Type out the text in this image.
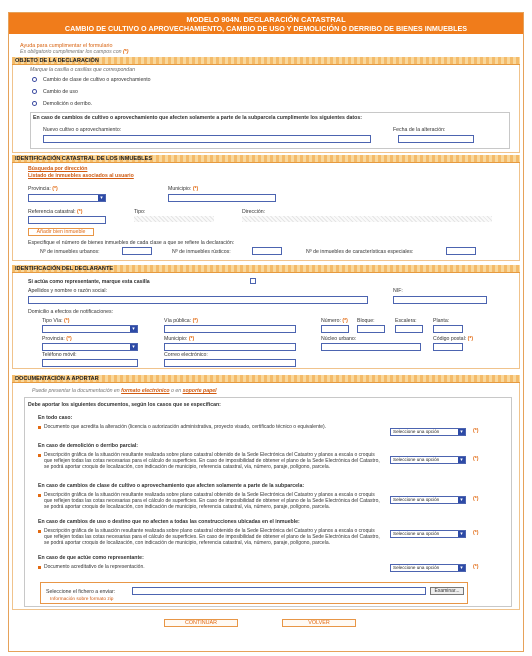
MODELO 904N. DECLARACIÓN CATASTRAL
CAMBIO DE CULTIVO O APROVECHAMIENTO, CAMBIO DE USO Y DEMOLICIÓN O DERRIBO DE BIENES INMUEBLES
Ayuda para cumplimentar el formulario
Es obligatorio cumplimentar los campos con (*)
OBJETO DE LA DECLARACIÓN
Marque la casilla o casillas que correspondan
Cambio de clase de cultivo o aprovechamiento
Cambio de uso
Demolición o derribo.
En caso de cambios de cultivo o aprovechamiento que afecten solamente a parte de la subparcela cumplimente los siguientes datos:
Nuevo cultivo o aprovechamiento:	Fecha de la alteración:
IDENTIFICACIÓN CATASTRAL DE LOS INMUEBLES
Búsqueda por dirección
Listado de inmuebles asociados al usuario
Provincia: (*)
▾
Municipio: (*)
Referencia catastral: (*)	Tipo:	Dirección:
Añadir bien inmueble
Especifique el número de bienes inmuebles de cada clase a que se refiere la declaración:
Nº de inmuebles urbanos:	Nº de inmuebles rústicos:	Nº de inmuebles de características especiales:
IDENTIFICACIÓN DEL DECLARANTE
Si actúa como representante, marque esta casilla
Apellidos y nombre o razón social:	NIF:
Domicilio a efectos de notificaciones:
Tipo Vía: (*)
▾
Vía pública: (*)	Número: (*) Bloque:	Escalera:	Planta:
Provincia: (*)
▾
Municipio: (*)	Núcleo urbano:	Código postal: (*)
Teléfono móvil:	Correo electrónico:
DOCUMENTACIÓN A APORTAR
Puede presentar la documentación en formato electrónico o en soporte papel
Debe aportar los siguientes documentos, según los casos que se especifican:
En todo caso:
Documento que acredita la alteración (licencia o autorización administrativa, proyecto visado, certificado técnico o equivalente).
Seleccione una opción	▾	(*)
En caso de demolición o derribo parcial:
Descripción gráfica de la situación resultante realizada sobre plano catastral obtenido de la Sede Electrónica del Catastro y planos a escala o croquis que reflejen todas las cotas necesarias para el cálculo de superficies. En caso de imposibilidad de obtener el plano de la Sede Electrónica del Catastro, se podrá aportar croquis de localización, con indicación de municipio, referencia catastral, vía, número, paraje, polígono, parcela.
Seleccione una opción	▾	(*)
En caso de cambios de clase de cultivo o aprovechamiento que afecten solamente a parte de la subparcela:
Descripción gráfica de la situación resultante realizada sobre plano catastral obtenido de la Sede Electrónica del Catastro y planos a escala o croquis que reflejen todas las cotas necesarias para el cálculo de superficies. En caso de imposibilidad de obtener el plano de la Sede Electrónica del Catastro, se podrá aportar croquis de localización, con indicación de municipio, referencia catastral, vía, número, paraje, polígono, parcela.
Seleccione una opción	▾	(*)
En caso de cambios de uso o destino que no afecten a todas las construcciones ubicadas en el inmueble:
Descripción gráfica de la situación resultante realizada sobre plano catastral obtenido de la Sede Electrónica del Catastro y planos a escala o croquis que reflejen todas las cotas necesarias para el cálculo de superficies. En caso de imposibilidad de obtener el plano de la Sede Electrónica del Catastro, se podrá aportar croquis de localización, con indicación de municipio, referencia catastral, vía, número, paraje, polígono, parcela.
Seleccione una opción	▾	(*)
En caso de que actúe como representante:
Documento acreditativo de la representación.	Seleccione una opción	▾	(*)
Seleccione el fichero a enviar:	Examinar...
Información sobre formato zip
CONTINUAR	VOLVER
